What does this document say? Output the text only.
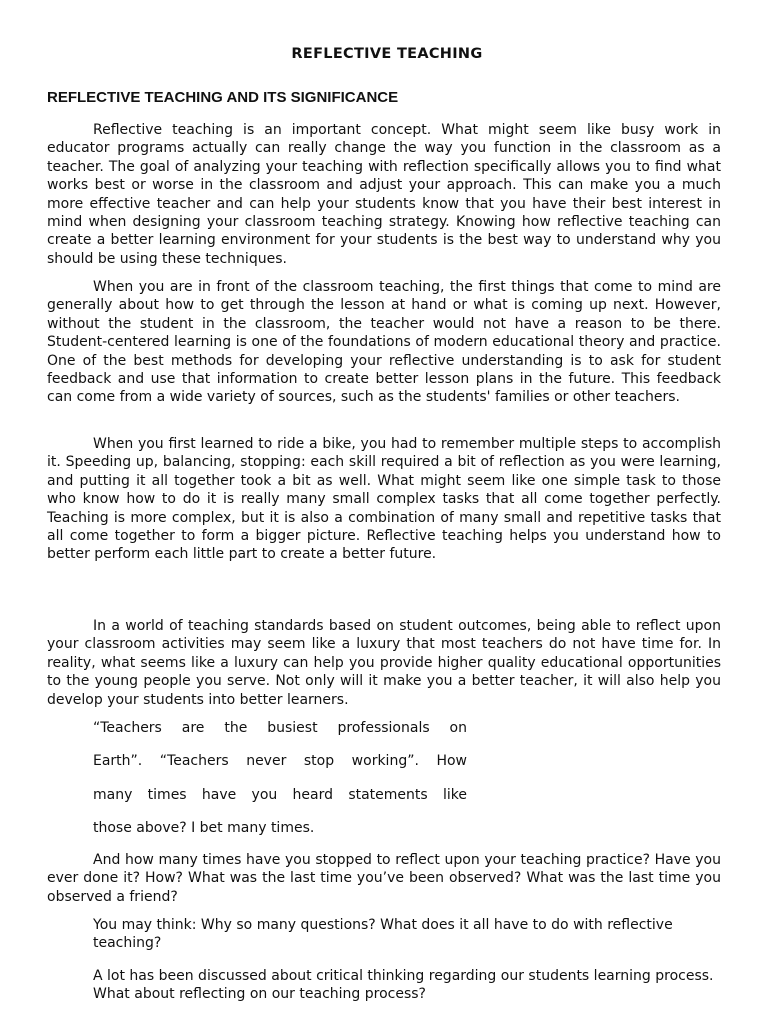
REFLECTIVE TEACHING
REFLECTIVE TEACHING AND ITS SIGNIFICANCE

Reflective teaching is an important concept. What might seem like busy work in educator programs actually can really change the way you function in the classroom as a teacher. The goal of analyzing your teaching with reflection specifically allows you to find what works best or worse in the classroom and adjust your approach. This can make you a much more effective teacher and can help your students know that you have their best interest in mind when designing your classroom teaching strategy. Knowing how reflective teaching can create a better learning environment for your students is the best way to understand why you should be using these techniques.

When you are in front of the classroom teaching, the first things that come to mind are generally about how to get through the lesson at hand or what is coming up next. However, without the student in the classroom, the teacher would not have a reason to be there. Student-centered learning is one of the foundations of modern educational theory and practice. One of the best methods for developing your reflective understanding is to ask for student feedback and use that information to create better lesson plans in the future. This feedback can come from a wide variety of sources, such as the students' families or other teachers.

When you first learned to ride a bike, you had to remember multiple steps to accomplish it. Speeding up, balancing, stopping: each skill required a bit of reflection as you were learning, and putting it all together took a bit as well. What might seem like one simple task to those who know how to do it is really many small complex tasks that all come together perfectly. Teaching is more complex, but it is also a combination of many small and repetitive tasks that all come together to form a bigger picture. Reflective teaching helps you understand how to better perform each little part to create a better future.

In a world of teaching standards based on student outcomes, being able to reflect upon your classroom activities may seem like a luxury that most teachers do not have time for. In reality, what seems like a luxury can help you provide higher quality educational opportunities to the young people you serve. Not only will it make you a better teacher, it will also help you develop your students into better learners.

“Teachers are the busiest professionals on
Earth”. “Teachers never stop working”. How
many times have you heard statements like
those above? I bet many times.

And how many times have you stopped to reflect upon your teaching practice? Have you ever done it? How? What was the last time you’ve been observed? What was the last time you observed a friend?

You may think: Why so many questions? What does it all have to do with reflective teaching?

A lot has been discussed about critical thinking regarding our students learning process. What about reflecting on our teaching process?
